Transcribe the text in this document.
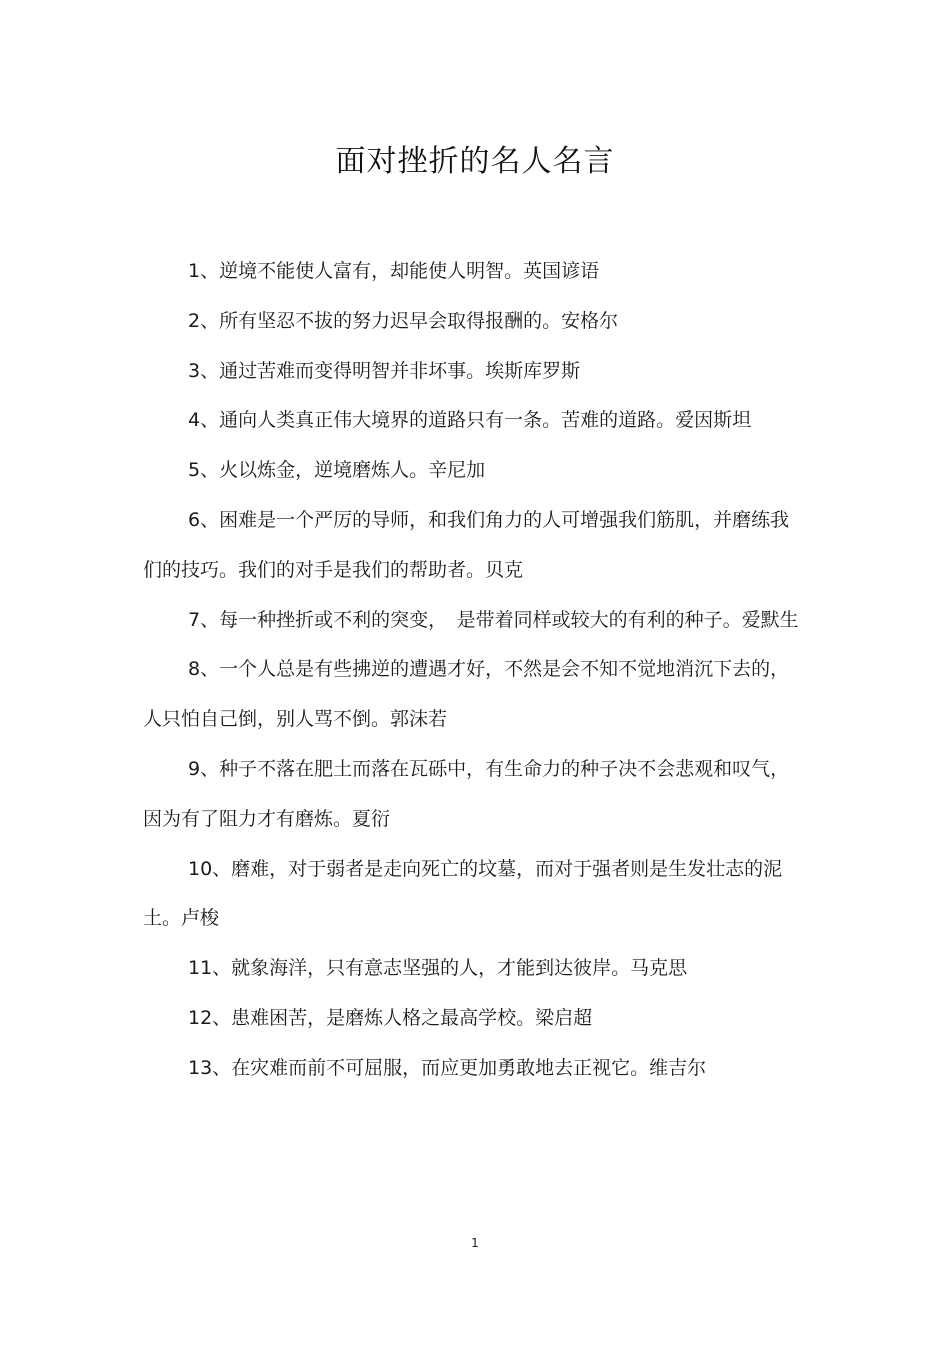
面对挫折的名人名言

1、逆境不能使人富有，却能使人明智。英国谚语

2、所有坚忍不拔的努力迟早会取得报酬的。安格尔

3、通过苦难而变得明智并非坏事。埃斯库罗斯

4、通向人类真正伟大境界的道路只有一条。苦难的道路。爱因斯坦

5、火以炼金，逆境磨炼人。辛尼加

6、困难是一个严厉的导师，和我们角力的人可增强我们筋肌，并磨练我们的技巧。我们的对手是我们的帮助者。贝克

7、每一种挫折或不利的突变，　是带着同样或较大的有利的种子。爱默生

8、一个人总是有些拂逆的遭遇才好，不然是会不知不觉地消沉下去的，人只怕自己倒，别人骂不倒。郭沫若

9、种子不落在肥土而落在瓦砾中，有生命力的种子决不会悲观和叹气，因为有了阻力才有磨炼。夏衍

10、磨难，对于弱者是走向死亡的坟墓，而对于强者则是生发壮志的泥土。卢梭

11、就象海洋，只有意志坚强的人，才能到达彼岸。马克思

12、患难困苦，是磨炼人格之最高学校。梁启超

13、在灾难而前不可屈服，而应更加勇敢地去正视它。维吉尔

1
